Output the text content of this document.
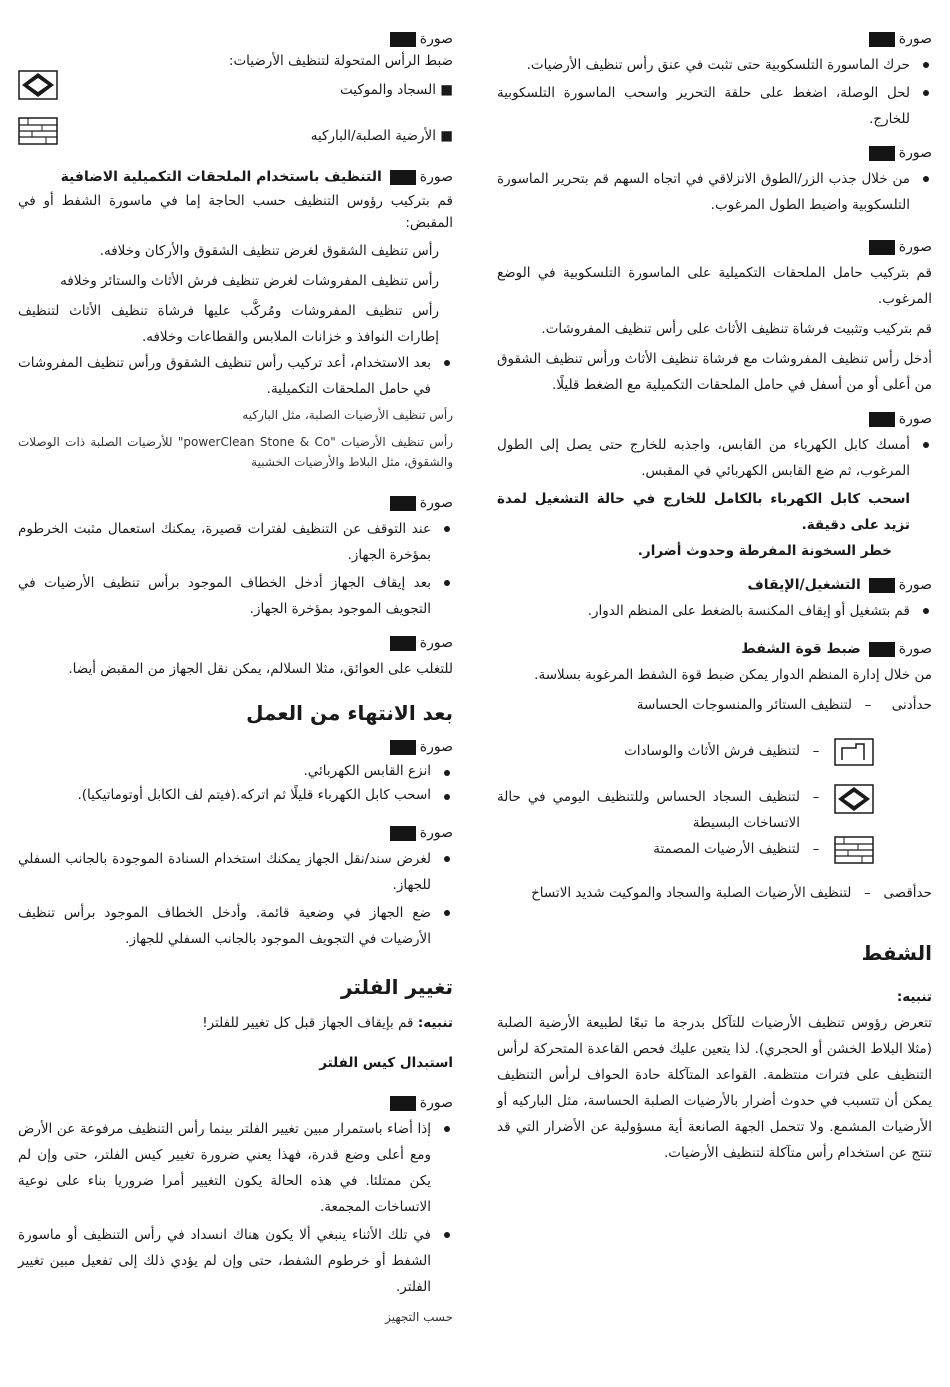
صورة
حرك الماسورة التلسكوبية حتى تثبت في عنق رأس تنظيف الأرضيات.
لحل الوصلة، اضغط على حلقة التحرير واسحب الماسورة التلسكوبية للخارج.
صورة
من خلال جذب الزر/الطوق الانزلاقي في اتجاه السهم قم بتحرير الماسورة التلسكوبية واضبط الطول المرغوب.
صورة

قم بتركيب حامل الملحقات التكميلية على الماسورة التلسكوبية في الوضع المرغوب.

قم بتركيب وتثبيت فرشاة تنظيف الأثاث على رأس تنظيف المفروشات.

أدخل رأس تنظيف المفروشات مع فرشاة تنظيف الأثاث ورأس تنظيف الشقوق من أعلى أو من أسفل في حامل الملحقات التكميلية مع الضغط قليلًا.

صورة
أمسك كابل الكهرباء من القابس، واجذبه للخارج حتى يصل إلى الطول المرغوب، ثم ضع القابس الكهربائي في المقبس.

اسحب كابل الكهرباء بالكامل للخارج في حالة التشغيل لمدة تزيد على دقيقة.

خطر السخونة المفرطة وحدوث أضرار.

صورة
التشغيل/الإيقاف
قم بتشغيل أو إيقاف المكنسة بالضغط على المنظم الدوار.
صورة
ضبط قوة الشفط

من خلال إدارة المنظم الدوار يمكن ضبط قوة الشفط المرغوبة بسلاسة.

حدأدنى
–
لتنظيف الستائر والمنسوجات الحساسة
–
لتنظيف فرش الأثاث والوسادات
–
لتنظيف السجاد الحساس وللتنظيف اليومي في حالة الاتساخات البسيطة
–
لتنظيف الأرضيات المصمتة
حدأقصى
–
لتنظيف الأرضيات الصلبة والسجاد والموكيت شديد الاتساخ
الشفط

تنبيه:

تتعرض رؤوس تنظيف الأرضيات للتآكل بدرجة ما تبعًا لطبيعة الأرضية الصلبة (مثلا البلاط الخشن أو الحجري). لذا يتعين عليك فحص القاعدة المتحركة لرأس التنظيف على فترات منتظمة. القواعد المتآكلة حادة الحواف لرأس التنظيف يمكن أن تتسبب في حدوث أضرار بالأرضيات الصلبة الحساسة، مثل الباركيه أو الأرضيات المشمع. ولا تتحمل الجهة الصانعة أية مسؤولية عن الأضرار التي قد تنتج عن استخدام رأس متآكلة لتنظيف الأرضيات.

صورة

ضبط الرأس المتحولة لتنظيف الأرضيات:

■ السجاد والموكيت
■ الأرضية الصلبة/الباركيه
صورة
التنظيف باستخدام الملحقات التكميلية الاضافية

قم بتركيب رؤوس التنظيف حسب الحاجة إما في ماسورة الشفط أو في المقبض:

رأس تنظيف الشقوق لغرض تنظيف الشقوق والأركان وخلافه.

رأس تنظيف المفروشات لغرض تنظيف فرش الأثاث والستائر وخلافه

رأس تنظيف المفروشات ومُركَّب عليها فرشاة تنظيف الأثاث لتنظيف إطارات النوافذ و خزانات الملابس والقطاعات وخلافه.

بعد الاستخدام، أعد تركيب رأس تنظيف الشقوق ورأس تنظيف المفروشات في حامل الملحقات التكميلية.

رأس تنظيف الأرضيات الصلبة، مثل الباركيه

رأس تنظيف الأرضيات "powerClean Stone & Co" للأرضيات الصلبة ذات الوصلات والشقوق، مثل البلاط والأرضيات الخشبية

صورة
عند التوقف عن التنظيف لفترات قصيرة، يمكنك استعمال مثبت الخرطوم بمؤخرة الجهاز.
بعد إيقاف الجهاز أدخل الخطاف الموجود برأس تنظيف الأرضيات في التجويف الموجود بمؤخرة الجهاز.
صورة

للتغلب على العوائق، مثلا السلالم، يمكن نقل الجهاز من المقبض أيضا.

بعد الانتهاء من العمل
صورة
انزع القابس الكهربائي.
اسحب كابل الكهرباء قليلًا ثم اتركه.(فيتم لف الكابل أوتوماتيكيا).
صورة
لغرض سند/نقل الجهاز يمكنك استخدام السنادة الموجودة بالجانب السفلي للجهاز.
ضع الجهاز في وضعية قائمة. وأدخل الخطاف الموجود برأس تنظيف الأرضيات في التجويف الموجود بالجانب السفلي للجهاز.
تغيير الفلتر

تنبيه: قم بإيقاف الجهاز قبل كل تغيير للفلتر!

استبدال كيس الفلتر

صورة
إذا أضاء باستمرار مبين تغيير الفلتر بينما رأس التنظيف مرفوعة عن الأرض ومع أعلى وضع قدرة، فهذا يعني ضرورة تغيير كيس الفلتر، حتى وإن لم يكن ممتلئا. في هذه الحالة يكون التغيير أمرا ضروريا بناء على نوعية الاتساخات المجمعة.
في تلك الأثناء ينبغي ألا يكون هناك انسداد في رأس التنظيف أو ماسورة الشفط أو خرطوم الشفط، حتى وإن لم يؤدي ذلك إلى تفعيل مبين تغيير الفلتر.

حسب التجهيز
